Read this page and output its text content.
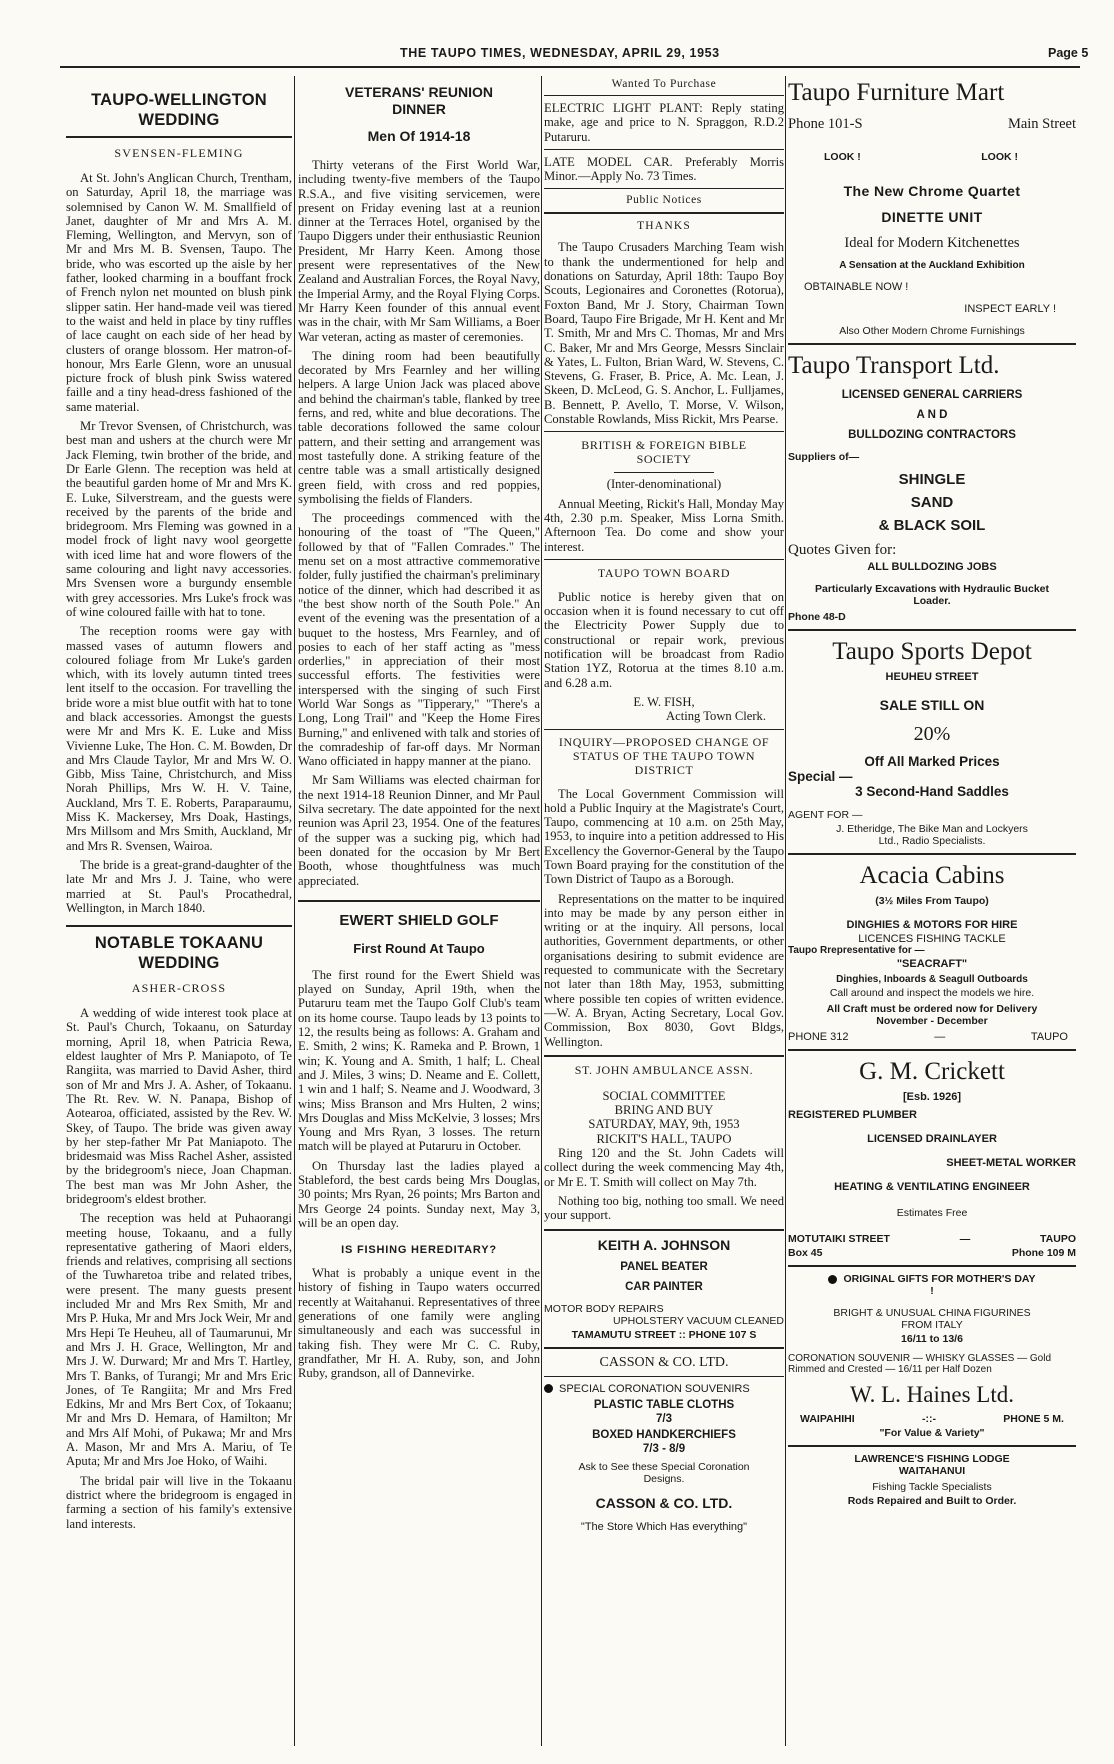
THE TAUPO TIMES, WEDNESDAY, APRIL 29, 1953	Page 5
TAUPO-WELLINGTON WEDDING
SVENSEN-FLEMING

At St. John's Anglican Church, Trentham, on Saturday, April 18, the marriage was solemnised by Canon W. M. Smallfield of Janet, daughter of Mr and Mrs A. M. Fleming, Wellington, and Mervyn, son of Mr and Mrs M. B. Svensen, Taupo. The bride, who was escorted up the aisle by her father, looked charming in a bouffant frock of French nylon net mounted on blush pink slipper satin. Her hand-made veil was tiered to the waist and held in place by tiny ruffles of lace caught on each side of her head by clusters of orange blossom. Her matron-of-honour, Mrs Earle Glenn, wore an unusual picture frock of blush pink Swiss watered faille and a tiny head-dress fashioned of the same material.

Mr Trevor Svensen, of Christchurch, was best man and ushers at the church were Mr Jack Fleming, twin brother of the bride, and Dr Earle Glenn. The reception was held at the beautiful garden home of Mr and Mrs K. E. Luke, Silverstream, and the guests were received by the parents of the bride and bridegroom. Mrs Fleming was gowned in a model frock of light navy wool georgette with iced lime hat and wore flowers of the same colouring and light navy accessories. Mrs Svensen wore a burgundy ensemble with grey accessories. Mrs Luke's frock was of wine coloured faille with hat to tone.

The reception rooms were gay with massed vases of autumn flowers and coloured foliage from Mr Luke's garden which, with its lovely autumn tinted trees lent itself to the occasion. For travelling the bride wore a mist blue outfit with hat to tone and black accessories. Amongst the guests were Mr and Mrs K. E. Luke and Miss Vivienne Luke, The Hon. C. M. Bowden, Dr and Mrs Claude Taylor, Mr and Mrs W. O. Gibb, Miss Taine, Christchurch, and Miss Norah Phillips, Mrs W. H. V. Taine, Auckland, Mrs T. E. Roberts, Paraparaumu, Miss K. Mackersey, Mrs Doak, Hastings, Mrs Millsom and Mrs Smith, Auckland, Mr and Mrs R. Svensen, Wairoa.

The bride is a great-grand-daughter of the late Mr and Mrs J. J. Taine, who were married at St. Paul's Procathedral, Wellington, in March 1840.

NOTABLE TOKAANU WEDDING
ASHER-CROSS

A wedding of wide interest took place at St. Paul's Church, Tokaanu, on Saturday morning, April 18, when Patricia Rewa, eldest laughter of Mrs P. Maniapoto, of Te Rangiita, was married to David Asher, third son of Mr and Mrs J. A. Asher, of Tokaanu. The Rt. Rev. W. N. Panapa, Bishop of Aotearoa, officiated, assisted by the Rev. W. Skey, of Taupo. The bride was given away by her step-father Mr Pat Maniapoto. The bridesmaid was Miss Rachel Asher, assisted by the bridegroom's niece, Joan Chapman. The best man was Mr John Asher, the bridegroom's eldest brother.

The reception was held at Puhaorangi meeting house, Tokaanu, and a fully representative gathering of Maori elders, friends and relatives, comprising all sections of the Tuwharetoa tribe and related tribes, were present. The many guests present included Mr and Mrs Rex Smith, Mr and Mrs P. Huka, Mr and Mrs Jock Weir, Mr and Mrs Hepi Te Heuheu, all of Taumarunui, Mr and Mrs J. H. Grace, Wellington, Mr and Mrs J. W. Durward; Mr and Mrs T. Hartley, Mrs T. Banks, of Turangi; Mr and Mrs Eric Jones, of Te Rangiita; Mr and Mrs Fred Edkins, Mr and Mrs Bert Cox, of Tokaanu; Mr and Mrs D. Hemara, of Hamilton; Mr and Mrs Alf Mohi, of Pukawa; Mr and Mrs A. Mason, Mr and Mrs A. Mariu, of Te Aputa; Mr and Mrs Joe Hoko, of Waihi.

The bridal pair will live in the Tokaanu district where the bridegroom is engaged in farming a section of his family's extensive land interests.

VETERANS' REUNION DINNER
Men Of 1914-18

Thirty veterans of the First World War, including twenty-five members of the Taupo R.S.A., and five visiting servicemen, were present on Friday evening last at a reunion dinner at the Terraces Hotel, organised by the Taupo Diggers under their enthusiastic Reunion President, Mr Harry Keen. Among those present were representatives of the New Zealand and Australian Forces, the Royal Navy, the Imperial Army, and the Royal Flying Corps. Mr Harry Keen founder of this annual event was in the chair, with Mr Sam Williams, a Boer War veteran, acting as master of ceremonies.

The dining room had been beautifully decorated by Mrs Fearnley and her willing helpers. A large Union Jack was placed above and behind the chairman's table, flanked by tree ferns, and red, white and blue decorations. The table decorations followed the same colour pattern, and their setting and arrangement was most tastefully done. A striking feature of the centre table was a small artistically designed green field, with cross and red poppies, symbolising the fields of Flanders.

The proceedings commenced with the honouring of the toast of "The Queen," followed by that of "Fallen Comrades." The menu set on a most attractive commemorative folder, fully justified the chairman's preliminary notice of the dinner, which had described it as "the best show north of the South Pole." An event of the evening was the presentation of a buquet to the hostess, Mrs Fearnley, and of posies to each of her staff acting as "mess orderlies," in appreciation of their most successful efforts. The festivities were interspersed with the singing of such First World War Songs as "Tipperary," "There's a Long, Long Trail" and "Keep the Home Fires Burning," and enlivened with talk and stories of the comradeship of far-off days. Mr Norman Wano officiated in happy manner at the piano.

Mr Sam Williams was elected chairman for the next 1914-18 Reunion Dinner, and Mr Paul Silva secretary. The date appointed for the next reunion was April 23, 1954. One of the features of the supper was a sucking pig, which had been donated for the occasion by Mr Bert Booth, whose thoughtfulness was much appreciated.

EWERT SHIELD GOLF
First Round At Taupo

The first round for the Ewert Shield was played on Sunday, April 19th, when the Putaruru team met the Taupo Golf Club's team on its home course. Taupo leads by 13 points to 12, the results being as follows: A. Graham and E. Smith, 2 wins; K. Rameka and P. Brown, 1 win; K. Young and A. Smith, 1 half; L. Cheal and J. Miles, 3 wins; D. Neame and E. Collett, 1 win and 1 half; S. Neame and J. Woodward, 3 wins; Miss Branson and Mrs Hulten, 2 wins; Mrs Douglas and Miss McKelvie, 3 losses; Mrs Young and Mrs Ryan, 3 losses. The return match will be played at Putaruru in October.

On Thursday last the ladies played a Stableford, the best cards being Mrs Douglas, 30 points; Mrs Ryan, 26 points; Mrs Barton and Mrs George 24 points. Sunday next, May 3, will be an open day.

IS FISHING HEREDITARY?

What is probably a unique event in the history of fishing in Taupo waters occurred recently at Waitahanui. Representatives of three generations of one family were angling simultaneously and each was successful in taking fish. They were Mr C. C. Ruby, grandfather, Mr H. A. Ruby, son, and John Ruby, grandson, all of Dannevirke.

Wanted To Purchase

ELECTRIC LIGHT PLANT: Reply stating make, age and price to N. Spraggon, R.D.2 Putaruru.

LATE MODEL CAR. Preferably Morris Minor.—Apply No. 73 Times.

Public Notices
THANKS

The Taupo Crusaders Marching Team wish to thank the undermentioned for help and donations on Saturday, April 18th: Taupo Boy Scouts, Legionaires and Coronettes (Rotorua), Foxton Band, Mr J. Story, Chairman Town Board, Taupo Fire Brigade, Mr H. Kent and Mr T. Smith, Mr and Mrs C. Thomas, Mr and Mrs C. Baker, Mr and Mrs George, Messrs Sinclair & Yates, L. Fulton, Brian Ward, W. Stevens, C. Stevens, G. Fraser, B. Price, A. Mc. Lean, J. Skeen, D. McLeod, G. S. Anchor, L. Fulljames, B. Bennett, P. Avello, T. Morse, V. Wilson, Constable Rowlands, Miss Rickit, Mrs Pearse.

BRITISH & FOREIGN BIBLE SOCIETY

(Inter-denominational)

Annual Meeting, Rickit's Hall, Monday May 4th, 2.30 p.m. Speaker, Miss Lorna Smith. Afternoon Tea. Do come and show your interest.

TAUPO TOWN BOARD

Public notice is hereby given that on occasion when it is found necessary to cut off the Electricity Power Supply due to constructional or repair work, previous notification will be broadcast from Radio Station 1YZ, Rotorua at the times 8.10 a.m. and 6.28 a.m.

E. W. FISH,

Acting Town Clerk.

INQUIRY—PROPOSED CHANGE OF STATUS OF THE TAUPO TOWN DISTRICT

The Local Government Commission will hold a Public Inquiry at the Magistrate's Court, Taupo, commencing at 10 a.m. on 25th May, 1953, to inquire into a petition addressed to His Excellency the Governor-General by the Taupo Town Board praying for the constitution of the Town District of Taupo as a Borough.

Representations on the matter to be inquired into may be made by any person either in writing or at the inquiry. All persons, local authorities, Government departments, or other organisations desiring to submit evidence are requested to communicate with the Secretary not later than 18th May, 1953, submitting where possible ten copies of written evidence.—W. A. Bryan, Acting Secretary, Local Gov. Commission, Box 8030, Govt Bldgs, Wellington.

ST. JOHN AMBULANCE ASSN.

SOCIAL COMMITTEE

BRING AND BUY

SATURDAY, MAY, 9th, 1953

RICKIT'S HALL, TAUPO

Ring 120 and the St. John Cadets will collect during the week commencing May 4th, or Mr E. T. Smith will collect on May 7th.

Nothing too big, nothing too small. We need your support.

KEITH A. JOHNSON
PANEL BEATER
CAR PAINTER
MOTOR BODY REPAIRS
UPHOLSTERY VACUUM CLEANED
TAMAMUTU STREET :: PHONE 107 S
CASSON & CO. LTD.
SPECIAL CORONATION SOUVENIRS
PLASTIC TABLE CLOTHS
7/3
BOXED HANDKERCHIEFS
7/3 - 8/9
Ask to See these Special Coronation Designs.
CASSON & CO. LTD.
"The Store Which Has everything"
Taupo Furniture Mart
Phone 101-S	Main Street
LOOK !	LOOK !
The New Chrome Quartet
DINETTE UNIT
Ideal for Modern Kitchenettes
A Sensation at the Auckland Exhibition
OBTAINABLE NOW !
INSPECT EARLY !
Also Other Modern Chrome Furnishings
Taupo Transport Ltd.
LICENSED GENERAL CARRIERS
A N D
BULLDOZING CONTRACTORS
Suppliers of—
SHINGLE
SAND
& BLACK SOIL
Quotes Given for:
ALL BULLDOZING JOBS
Particularly Excavations with Hydraulic Bucket Loader.
Phone 48-D
Taupo Sports Depot
HEUHEU STREET
SALE STILL ON
20%
Off All Marked Prices
Special —
3 Second-Hand Saddles
AGENT FOR —
J. Etheridge, The Bike Man and Lockyers Ltd., Radio Specialists.
Acacia Cabins
(3½ Miles From Taupo)
DINGHIES & MOTORS FOR HIRE
LICENCES FISHING TACKLE
Taupo Rrepresentative for —
"SEACRAFT"
Dinghies, Inboards & Seagull Outboards
Call around and inspect the models we hire.
All Craft must be ordered now for Delivery November - December
PHONE 312	—	TAUPO
G. M. Crickett
[Esb. 1926]
REGISTERED PLUMBER
LICENSED DRAINLAYER
SHEET-METAL WORKER
HEATING & VENTILATING ENGINEER
Estimates Free
MOTUTAIKI STREET	—	TAUPO
Box 45	Phone 109 M
ORIGINAL GIFTS FOR MOTHER'S DAY !
BRIGHT & UNUSUAL CHINA FIGURINES FROM ITALY
16/11 to 13/6
CORONATION SOUVENIR — WHISKY GLASSES — Gold Rimmed and Crested — 16/11 per Half Dozen
W. L. Haines Ltd.
WAIPAHIHI	-::-	PHONE 5 M.
"For Value & Variety"
LAWRENCE'S FISHING LODGE WAITAHANUI
Fishing Tackle Specialists
Rods Repaired and Built to Order.
